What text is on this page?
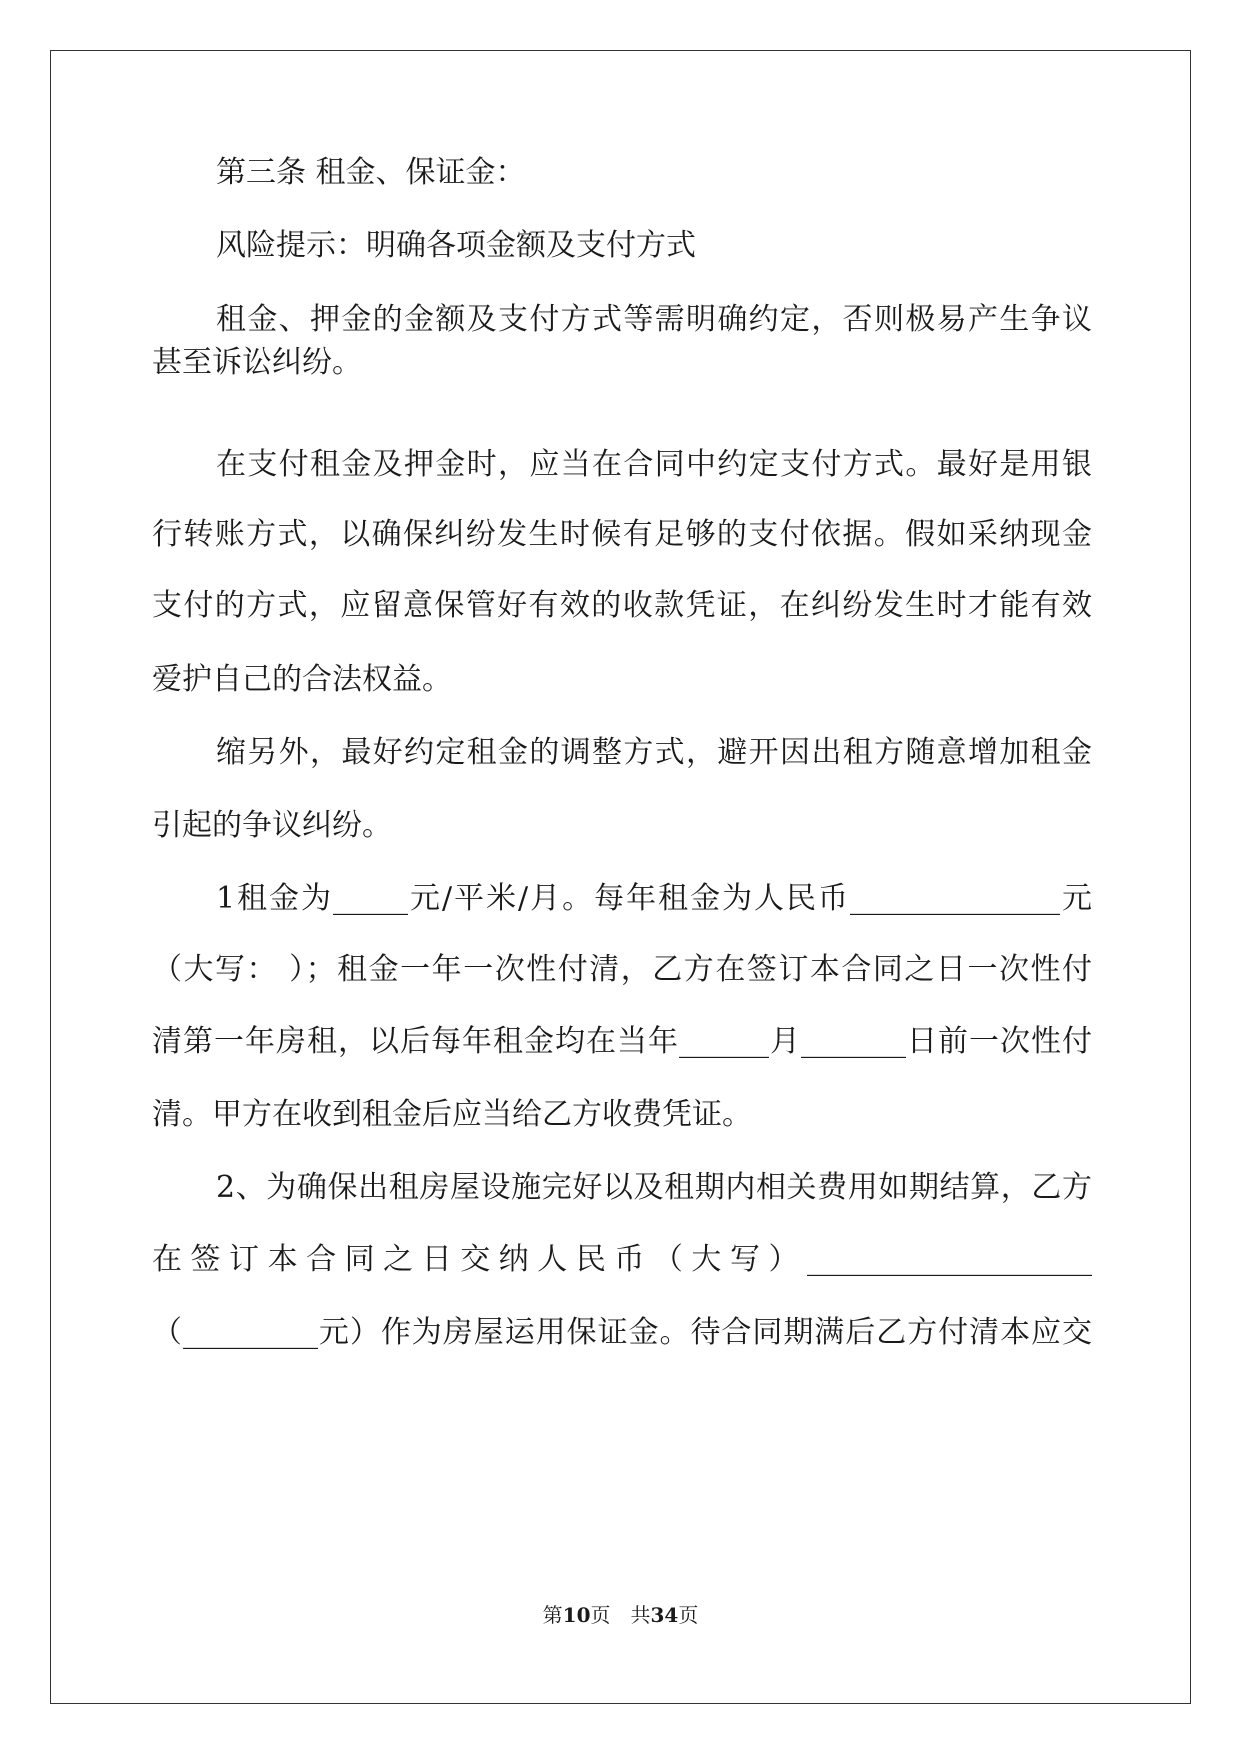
第三条 租金、保证金：
风险提示：明确各项金额及支付方式
租金、押金的金额及支付方式等需明确约定，否则极易产生争议
甚至诉讼纠纷。
在支付租金及押金时，应当在合同中约定支付方式。最好是用银
行转账方式，以确保纠纷发生时候有足够的支付依据。假如采纳现金
支付的方式，应留意保管好有效的收款凭证，在纠纷发生时才能有效
爱护自己的合法权益。
缩另外，最好约定租金的调整方式，避开因出租方随意增加租金
引起的争议纠纷。
1租金为_____元/平米/月。每年租金为人民币______________元
（大写： ）；租金一年一次性付清，乙方在签订本合同之日一次性付
清第一年房租，以后每年租金均在当年______月_______日前一次性付
清。甲方在收到租金后应当给乙方收费凭证。
2、为确保出租房屋设施完好以及租期内相关费用如期结算，乙方
在签订本合同之日交纳人民币（大写）___________________
（_________元）作为房屋运用保证金。待合同期满后乙方付清本应交
第10页　共34页
